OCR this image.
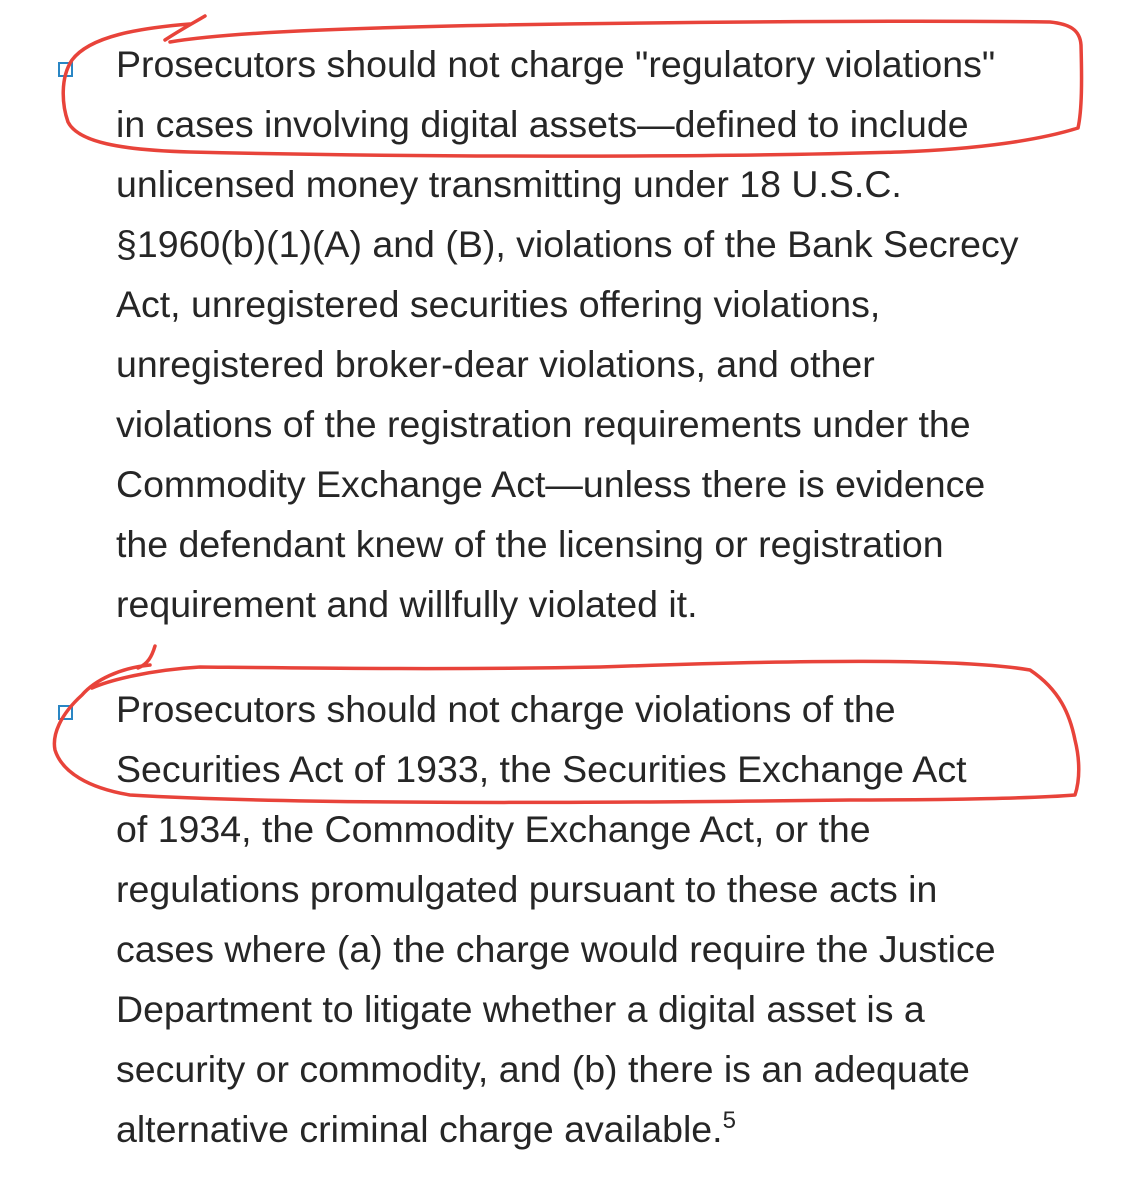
Prosecutors should not charge "regulatory violations"
in cases involving digital assets—defined to include
unlicensed money transmitting under 18 U.S.C.
§1960(b)(1)(A) and (B), violations of the Bank Secrecy
Act, unregistered securities offering violations,
unregistered broker-dear violations, and other
violations of the registration requirements under the
Commodity Exchange Act—unless there is evidence
the defendant knew of the licensing or registration
requirement and willfully violated it.
Prosecutors should not charge violations of the
Securities Act of 1933, the Securities Exchange Act
of 1934, the Commodity Exchange Act, or the
regulations promulgated pursuant to these acts in
cases where (a) the charge would require the Justice
Department to litigate whether a digital asset is a
security or commodity, and (b) there is an adequate
alternative criminal charge available.$^5$
